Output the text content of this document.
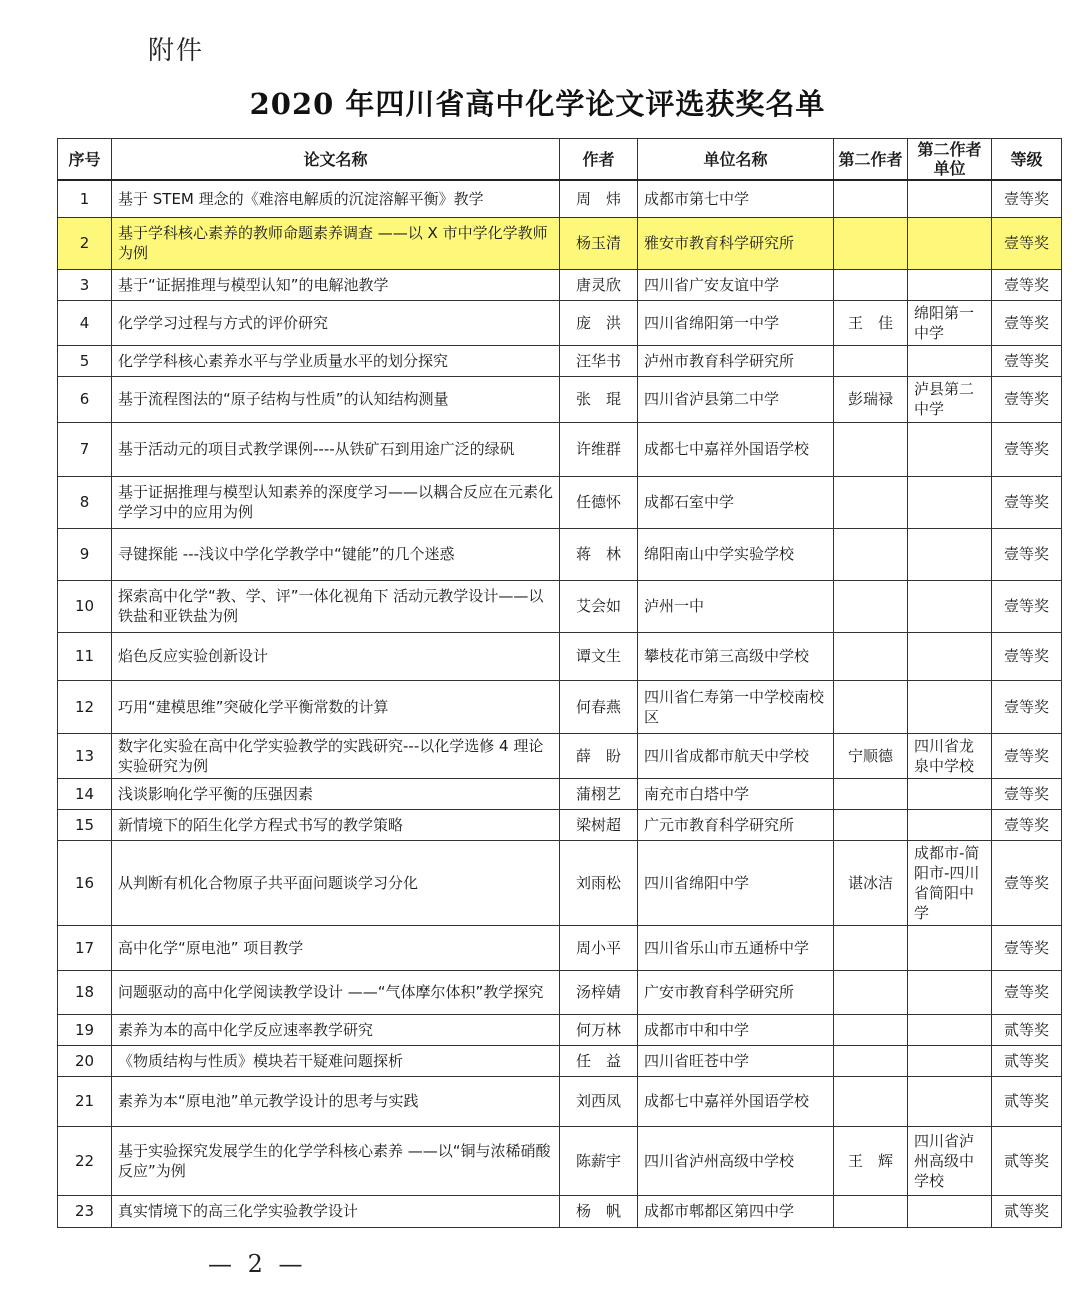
附件
2020 年四川省高中化学论文评选获奖名单
序号	论文名称	作者	单位名称	第二作者	第二作者单位	等级
1	基于 STEM 理念的《难溶电解质的沉淀溶解平衡》教学	周　炜	成都市第七中学			壹等奖
2	基于学科核心素养的教师命题素养调查 ——以 X 市中学化学教师为例	杨玉清	雅安市教育科学研究所			壹等奖
3	基于“证据推理与模型认知”的电解池教学	唐灵欣	四川省广安友谊中学			壹等奖
4	化学学习过程与方式的评价研究	庞　洪	四川省绵阳第一中学	王　佳	绵阳第一中学	壹等奖
5	化学学科核心素养水平与学业质量水平的划分探究	汪华书	泸州市教育科学研究所			壹等奖
6	基于流程图法的“原子结构与性质”的认知结构测量	张　琨	四川省泸县第二中学	彭瑞禄	泸县第二中学	壹等奖
7	基于活动元的项目式教学课例----从铁矿石到用途广泛的绿矾	许维群	成都七中嘉祥外国语学校			壹等奖
8	基于证据推理与模型认知素养的深度学习——以耦合反应在元素化学学习中的应用为例	任德怀	成都石室中学			壹等奖
9	寻键探能 ---浅议中学化学教学中“键能”的几个迷惑	蒋　林	绵阳南山中学实验学校			壹等奖
10	探索高中化学“教、学、评”一体化视角下 活动元教学设计——以铁盐和亚铁盐为例	艾会如	泸州一中			壹等奖
11	焰色反应实验创新设计	谭文生	攀枝花市第三高级中学校			壹等奖
12	巧用“建模思维”突破化学平衡常数的计算	何春燕	四川省仁寿第一中学校南校区			壹等奖
13	数字化实验在高中化学实验教学的实践研究---以化学选修 4 理论实验研究为例	薛　盼	四川省成都市航天中学校	宁顺德	四川省龙泉中学校	壹等奖
14	浅谈影响化学平衡的压强因素	蒲栩艺	南充市白塔中学			壹等奖
15	新情境下的陌生化学方程式书写的教学策略	梁树超	广元市教育科学研究所			壹等奖
16	从判断有机化合物原子共平面问题谈学习分化	刘雨松	四川省绵阳中学	谌冰洁	成都市-简阳市-四川省简阳中学	壹等奖
17	高中化学“原电池” 项目教学	周小平	四川省乐山市五通桥中学			壹等奖
18	问题驱动的高中化学阅读教学设计 ——“气体摩尔体积”教学探究	汤梓婧	广安市教育科学研究所			壹等奖
19	素养为本的高中化学反应速率教学研究	何万林	成都市中和中学			贰等奖
20	《物质结构与性质》模块若干疑难问题探析	任　益	四川省旺苍中学			贰等奖
21	素养为本“原电池”单元教学设计的思考与实践	刘西凤	成都七中嘉祥外国语学校			贰等奖
22	基于实验探究发展学生的化学学科核心素养 ——以“铜与浓稀硝酸反应”为例	陈薪宇	四川省泸州高级中学校	王　辉	四川省泸州高级中学校	贰等奖
23	真实情境下的高三化学实验教学设计	杨　帆	成都市郫都区第四中学			贰等奖
— 2 —
